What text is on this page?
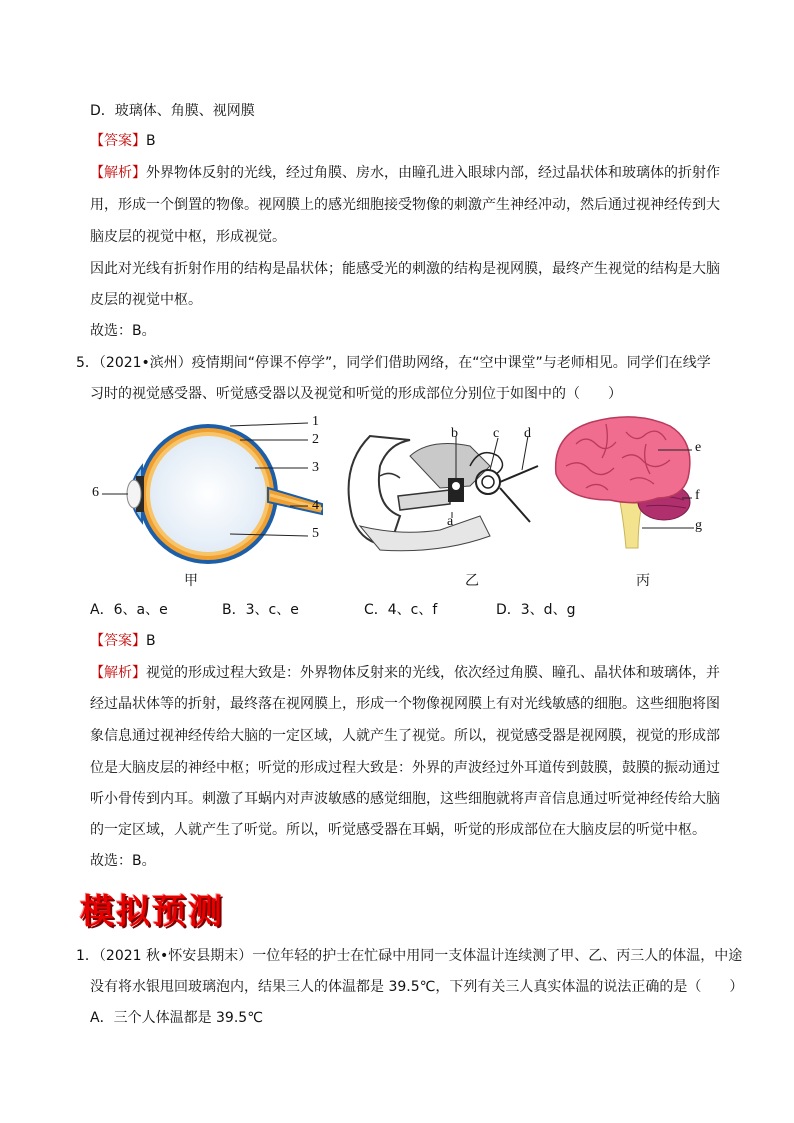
D．玻璃体、角膜、视网膜
【答案】B
【解析】外界物体反射的光线，经过角膜、房水，由瞳孔进入眼球内部，经过晶状体和玻璃体的折射作
用，形成一个倒置的物像。视网膜上的感光细胞接受物像的刺激产生神经冲动，然后通过视神经传到大
脑皮层的视觉中枢，形成视觉。
因此对光线有折射作用的结构是晶状体；能感受光的刺激的结构是视网膜，最终产生视觉的结构是大脑
皮层的视觉中枢。
故选：B。
5．（2021•滨州）疫情期间“停课不停学”，同学们借助网络，在“空中课堂”与老师相见。同学们在线学
习时的视觉感受器、听觉感受器以及视觉和听觉的形成部位分别位于如图中的（　　）
1
2
3
4
5
6
甲
b	c d
a
乙
e
f
g
丙
A．6、a、e	B．3、c、e	C．4、c、f	D．3、d、g
【答案】B
【解析】视觉的形成过程大致是：外界物体反射来的光线，依次经过角膜、瞳孔、晶状体和玻璃体，并
经过晶状体等的折射，最终落在视网膜上，形成一个物像视网膜上有对光线敏感的细胞。这些细胞将图
象信息通过视神经传给大脑的一定区域，人就产生了视觉。所以，视觉感受器是视网膜，视觉的形成部
位是大脑皮层的神经中枢；听觉的形成过程大致是：外界的声波经过外耳道传到鼓膜，鼓膜的振动通过
听小骨传到内耳。刺激了耳蜗内对声波敏感的感觉细胞，这些细胞就将声音信息通过听觉神经传给大脑
的一定区域，人就产生了听觉。所以，听觉感受器在耳蜗，听觉的形成部位在大脑皮层的听觉中枢。
故选：B。
模拟预测
1．（2021 秋•怀安县期末）一位年轻的护士在忙碌中用同一支体温计连续测了甲、乙、丙三人的体温，中途
没有将水银甩回玻璃泡内，结果三人的体温都是 39.5℃，下列有关三人真实体温的说法正确的是（　　）
A．三个人体温都是 39.5℃
